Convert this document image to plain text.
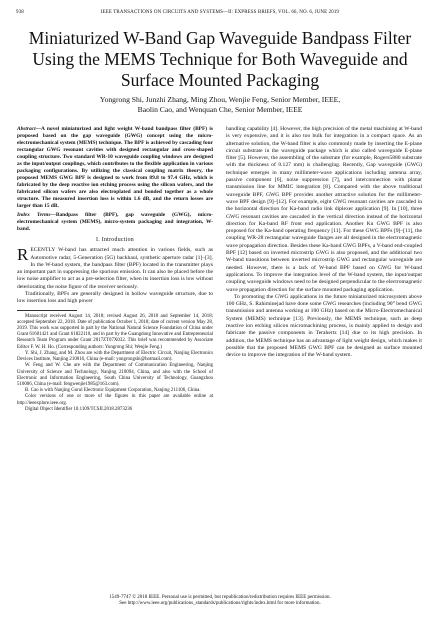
938	IEEE TRANSACTIONS ON CIRCUITS AND SYSTEMS—II: EXPRESS BRIEFS, VOL. 66, NO. 6, JUNE 2019
Miniaturized W-Band Gap Waveguide Bandpass Filter Using the MEMS Technique for Both Waveguide and Surface Mounted Packaging
Yongrong Shi, Junzhi Zhang, Ming Zhou, Wenjie Feng, Senior Member, IEEE,
Baolin Cao, and Wenquan Che, Senior Member, IEEE
Abstract—A novel miniaturized and light weight W-band bandpass filter (BPF) is proposed based on the gap waveguide (GWG) concept using the micro-electromechanical system (MEMS) technique. The BPF is achieved by cascading four rectangular GWG resonant cavities with designed rectangular and cross-shaped coupling structure. Two standard WR-10 waveguide coupling windows are designed as the input/output couplings, which contributes to the flexible application in various packaging configurations. By utilizing the classical coupling matrix theory, the proposed MEMS GWG BPF is designed to work from 89.8 to 97.4 GHz, which is fabricated by the deep reactive ion etching process using the silicon wafers, and the fabricated silicon wafers are also electroplated and bonded together as a whole structure. The measured insertion loss is within 1.6 dB, and the return losses are larger than 15 dB.
Index Terms—Bandpass filter (BPF), gap waveguide (GWG), micro-electromechanical system (MEMS), micro-system packaging and integration, W-band.
I. Introduction
RECENTLY W-band has attracted much attention in various fields, such as Automotive radar, 5-Generation (5G) backhaul, synthetic aperture radar [1]–[3]. In the W-band system, the bandpass filter (BPF) located in the transmitter plays an important part in suppressing the spurious emission. It can also be placed before the low noise amplifier to act as a pre-selection filter, when its insertion loss is low without deteriorating the noise figure of the receiver seriously.
Traditionally, BPFs are generally designed in hollow waveguide structure, due to low insertion loss and high power
Manuscript received August 14, 2018; revised August 26, 2018 and September 14, 2018; accepted September 22, 2018. Date of publication October 1, 2018; date of current version May 28, 2019. This work was supported in part by the National Natural Science Foundation of China under Grant 61601421 and Grant 61822110, and in part by the Guangdong Innovative and Entrepreneurial Research Team Program under Grant 2017ZT07X032. This brief was recommended by Associate Editor F. W. H. Ho. (Corresponding authors: Yongrong Shi; Wenjie Feng.)
Y. Shi, J. Zhang, and M. Zhou are with the Department of Electric Circuit, Nanjing Electronics Devices Institute, Nanjing 210016, China (e-mail: yongrongshi@hotmail.com).
W. Feng and W. Che are with the Department of Communication Engineering, Nanjing University of Science and Technology, Nanjing 210094, China, and also with the School of Electronic and Information Engineering, South China University of Technology, Guangzhou 510006, China (e-mail: fengwenjie1985@163.com).
B. Cao is with Nanjing Gorul Electronic Equipment Corporation, Nanjing 211106, China.
Color versions of one or more of the figures in this paper are available online at http://ieeexplore.ieee.org.
Digital Object Identifier 10.1109/TCSII.2018.2873236
handling capability [4]. However, the high precision of the metal machining at W-band is very expensive, and it is also too bulk for integration in a compact space. As an alternative solution, the W-band filter is also commonly made by inserting the E-plane circuit substrate in the waveguide package which is also called waveguide E-plane filter [5]. However, the assembling of the substrate (for example, Rogers5880 substrate with the thickness of 0.127 mm) is challenging. Recently, Gap waveguide (GWG) technique emerges in many millimeter-wave applications including antenna array, passive component [6], noise suppression [7], and interconnection with planar transmission line for MMIC integration [8]. Compared with the above traditional waveguide BPF, GWG BPF provides another attractive solution for the millimeter-wave BPF design [9]–[12]. For example, eight GWG resonant cavities are cascaded in the horizontal direction for Ka-band radio link diplexer application [9]. In [10], three GWG resonant cavities are cascaded in the vertical direction instead of the horizontal direction for Ka-band RF front end application. Another Ku GWG BPF is also proposed for the Ka-band operating frequency [11]. For these GWG BPFs [9]–[11], the coupling WR-28 rectangular waveguide flanges are all designed in the electromagnetic wave propagation direction. Besides these Ka-band GWG BPFs, a V-band end-coupled BPF [12] based on inverted microstrip GWG is also proposed, and the additional two W-band transitions between inverted microstrip GWG and rectangular waveguide are needed. However, there is a lack of W-band BPF based on GWG for W-band applications. To improve the integration level of the W-band system, the input/output coupling waveguide windows need to be designed perpendicular to the electromagnetic wave propagation direction for the surface mounted packaging application.
To promoting the GWG applications in the future miniaturized microsystem above 100 GHz, S. Rahiminejad have done some GWG researches (including 90° bend GWG transmission and antenna working at 100 GHz) based on the Micro-Electromechanical System (MEMS) technique [13]. Previously, the MEMS technique, such as deep reactive ion etching silicon micromachining process, is mainly applied to design and fabricate the passive components in Terahertz [14] due to its high precision. In addition, the MEMS technique has an advantage of light weight design, which makes it possible that the proposed MEMS GWG BPF can be designed as surface mounted device to improve the integration of the W-band system.
1549-7747 © 2018 IEEE. Personal use is permitted, but republication/redistribution requires IEEE permission.
See http://www.ieee.org/publications_standards/publications/rights/index.html for more information.
